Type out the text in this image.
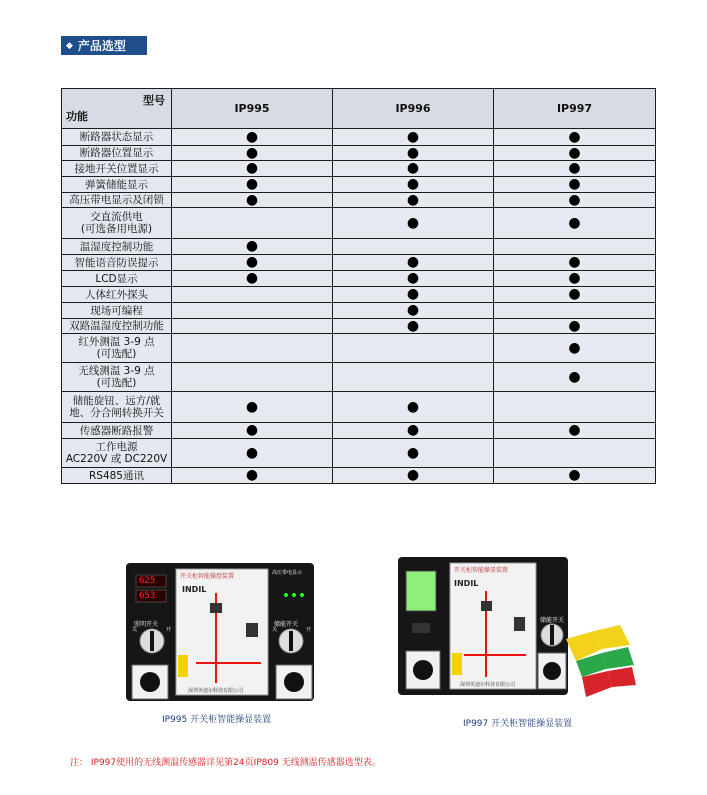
◆ 产品选型
型号
功能	IP995	IP996	IP997

断路器状态显示	●	●	●

断路器位置显示	●	●	●

接地开关位置显示	●	●	●

弹簧储能显示	●	●	●

高压带电显示及闭锁	●	●	●

交直流供电
(可选备用电源)		●	●

温湿度控制功能	●		

智能语音防误提示	●	●	●

LCD显示	●	●	●

人体红外探头		●	●

现场可编程		●	

双路温湿度控制功能		●	●

红外测温 3-9 点
(可选配)			●

无线测温 3-9 点
(可选配)			●

储能旋钮、远方/就
地、分合闸转换开关	●	●	

传感器断路报警	●	●	●

工作电源
AC220V 或 DC220V	●	●	

RS485通讯	●	●	●
625
653
开关柜智能操控装置
INDIL
照明开关
关	开
储能开关
关	开
高压带电显示
深圳英迪尔科技有限公司
IP995 开关柜智能操显装置
开关柜智能操显装置
INDIL
储能开关
深圳英迪尔科技有限公司
IP997 开关柜智能操显装置
注： IP997使用的无线测温传感器详见第24页IP809 无线测温传感器选型表。
